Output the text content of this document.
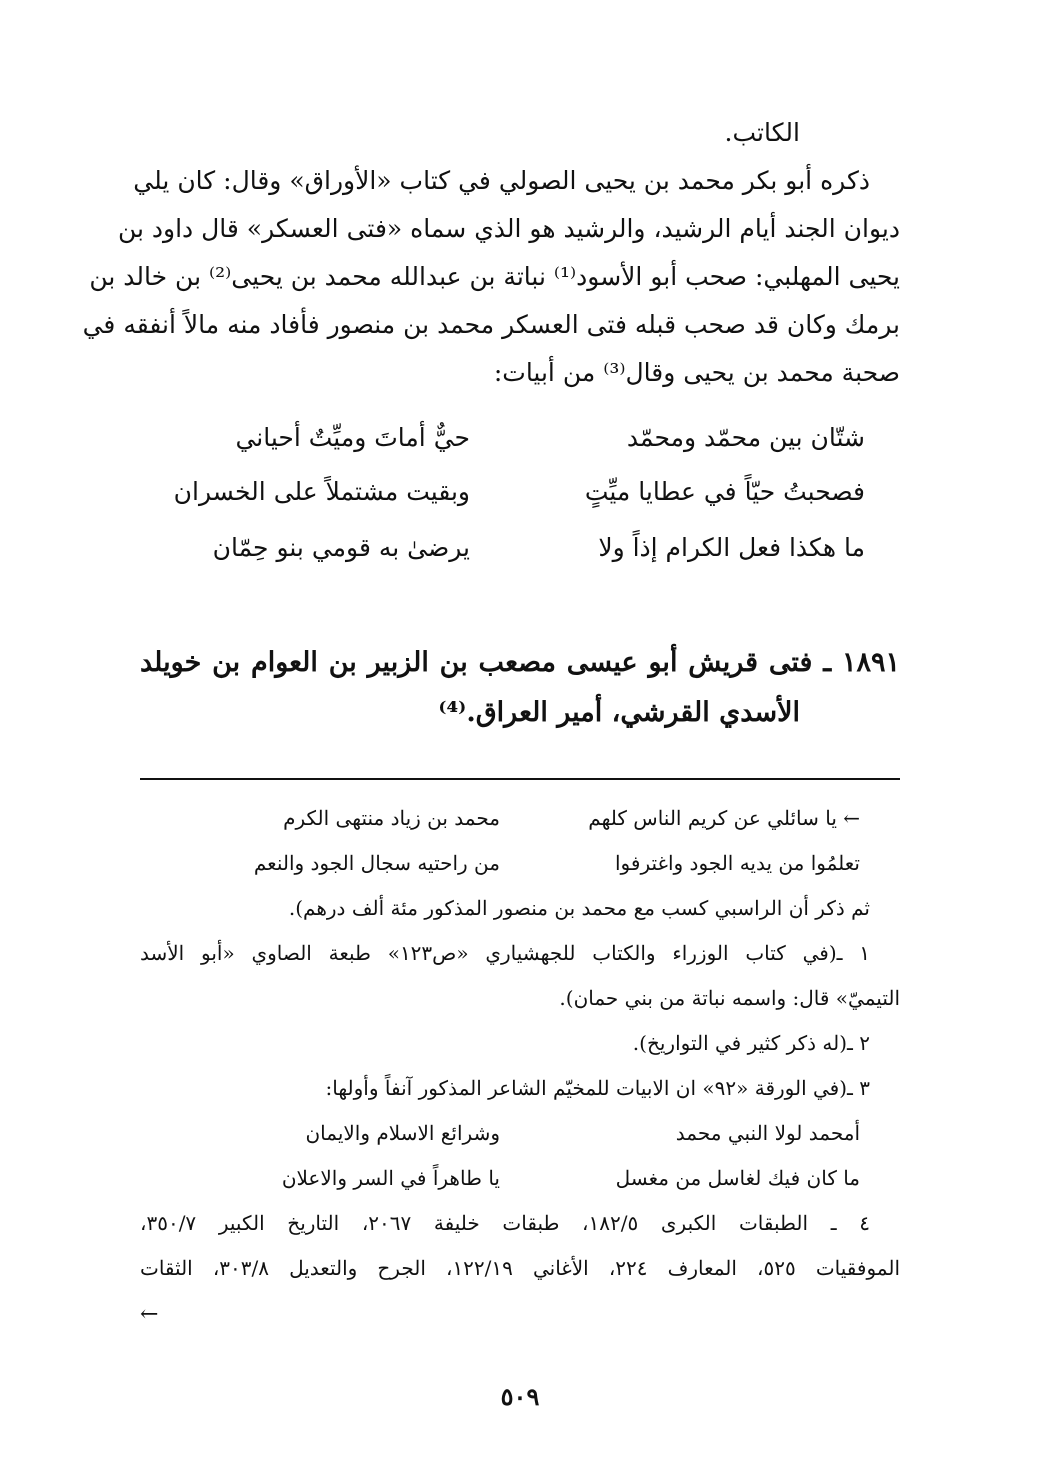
الكاتب.
ذكره أبو بكر محمد بن يحيى الصولي في كتاب «الأوراق» وقال: كان يلي
ديوان الجند أيام الرشيد، والرشيد هو الذي سماه «فتى العسكر» قال داود بن
يحيى المهلبي: صحب أبو الأسود⁽¹⁾ نباتة بن عبدالله محمد بن يحيى⁽²⁾ بن خالد بن
برمك وكان قد صحب قبله فتى العسكر محمد بن منصور فأفاد منه مالاً أنفقه في
صحبة محمد بن يحيى وقال⁽³⁾ من أبيات:
شتّان بين محمّد ومحمّد
حيٌّ أماتَ وميِّتٌ أحياني
فصحبتُ حيّاً في عطايا ميِّتٍ
وبقيت مشتملاً على الخسران
ما هكذا فعل الكرام إذاً ولا
يرضىٰ به قومي بنو حِمّان
١٨٩١ ـ فتى قريش أبو عيسى مصعب بن الزبير بن العوام بن خويلد
الأسدي القرشي، أمير العراق.⁽⁴⁾
← يا سائلي عن كريم الناس كلهم
محمد بن زياد منتهى الكرم
تعلمُوا من يديه الجود واغترفوا
من راحتيه سجال الجود والنعم
ثم ذكر أن الراسبي كسب مع محمد بن منصور المذكور مئة ألف درهم).
١ ـ(في كتاب الوزراء والكتاب للجهشياري «ص١٢٣» طبعة الصاوي «أبو الأسد
التيميّ» قال: واسمه نباتة من بني حمان).
٢ ـ(له ذكر كثير في التواريخ).
٣ ـ(في الورقة «٩٢» ان الابيات للمخيّم الشاعر المذكور آنفاً وأولها:
أمحمد لولا النبي محمد
وشرائع الاسلام والايمان
ما كان فيك لغاسل من مغسل
يا طاهراً في السر والاعلان
٤ ـ الطبقات الكبرى ١٨٢/٥، طبقات خليفة ٢٠٦٧، التاريخ الكبير ٣٥٠/٧،
الموفقيات ٥٢٥، المعارف ٢٢٤، الأغاني ١٢٢/١٩، الجرح والتعديل ٣٠٣/٨، الثقات
←
٥٠٩
